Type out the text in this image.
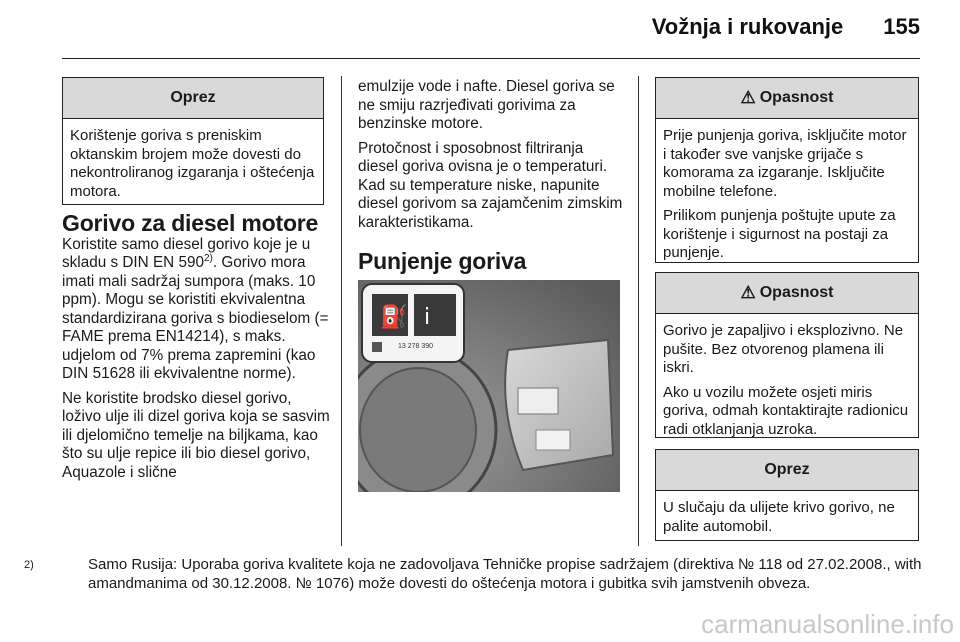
Vožnja i rukovanje 155
Oprez

Korištenje goriva s preniskim oktanskim brojem može dovesti do nekontroliranog izgaranja i oštećenja motora.

Gorivo za diesel motore

Koristite samo diesel gorivo koje je u skladu s DIN EN 590$^{2)}$. Gorivo mora imati mali sadržaj sumpora (maks. 10 ppm). Mogu se koristiti ekvivalentna standardizirana goriva s biodieselom (= FAME prema EN14214), s maks. udjelom od 7% prema zapremini (kao DIN 51628 ili ekvivalentne norme).

Ne koristite brodsko diesel gorivo, loživo ulje ili dizel goriva koja se sasvim ili djelomično temelje na biljkama, kao što su ulje repice ili bio diesel gorivo, Aquazole i slične

emulzije vode i nafte. Diesel goriva se ne smiju razrjeđivati gorivima za benzinske motore.

Protočnost i sposobnost filtriranja diesel goriva ovisna je o temperaturi. Kad su temperature niske, napunite diesel gorivom sa zajamčenim zimskim karakteristikama.

Punjenje goriva
⛽ i
13 278 390
⚠ Opasnost

Prije punjenja goriva, isključite motor i također sve vanjske grijače s komorama za izgaranje. Isključite mobilne telefone.

Prilikom punjenja poštujte upute za korištenje i sigurnost na postaji za punjenje.

⚠ Opasnost

Gorivo je zapaljivo i eksplozivno. Ne pušite. Bez otvorenog plamena ili iskri.

Ako u vozilu možete osjeti miris goriva, odmah kontaktirajte radionicu radi otklanjanja uzroka.

Oprez

U slučaju da ulijete krivo gorivo, ne palite automobil.

2)	Samo Rusija: Uporaba goriva kvalitete koja ne zadovoljava Tehničke propise sadržajem (direktiva № 118 od 27.02.2008., with amandmanima od 30.12.2008. № 1076) može dovesti do oštećenja motora i gubitka svih jamstvenih obveza.
carmanualsonline.info
